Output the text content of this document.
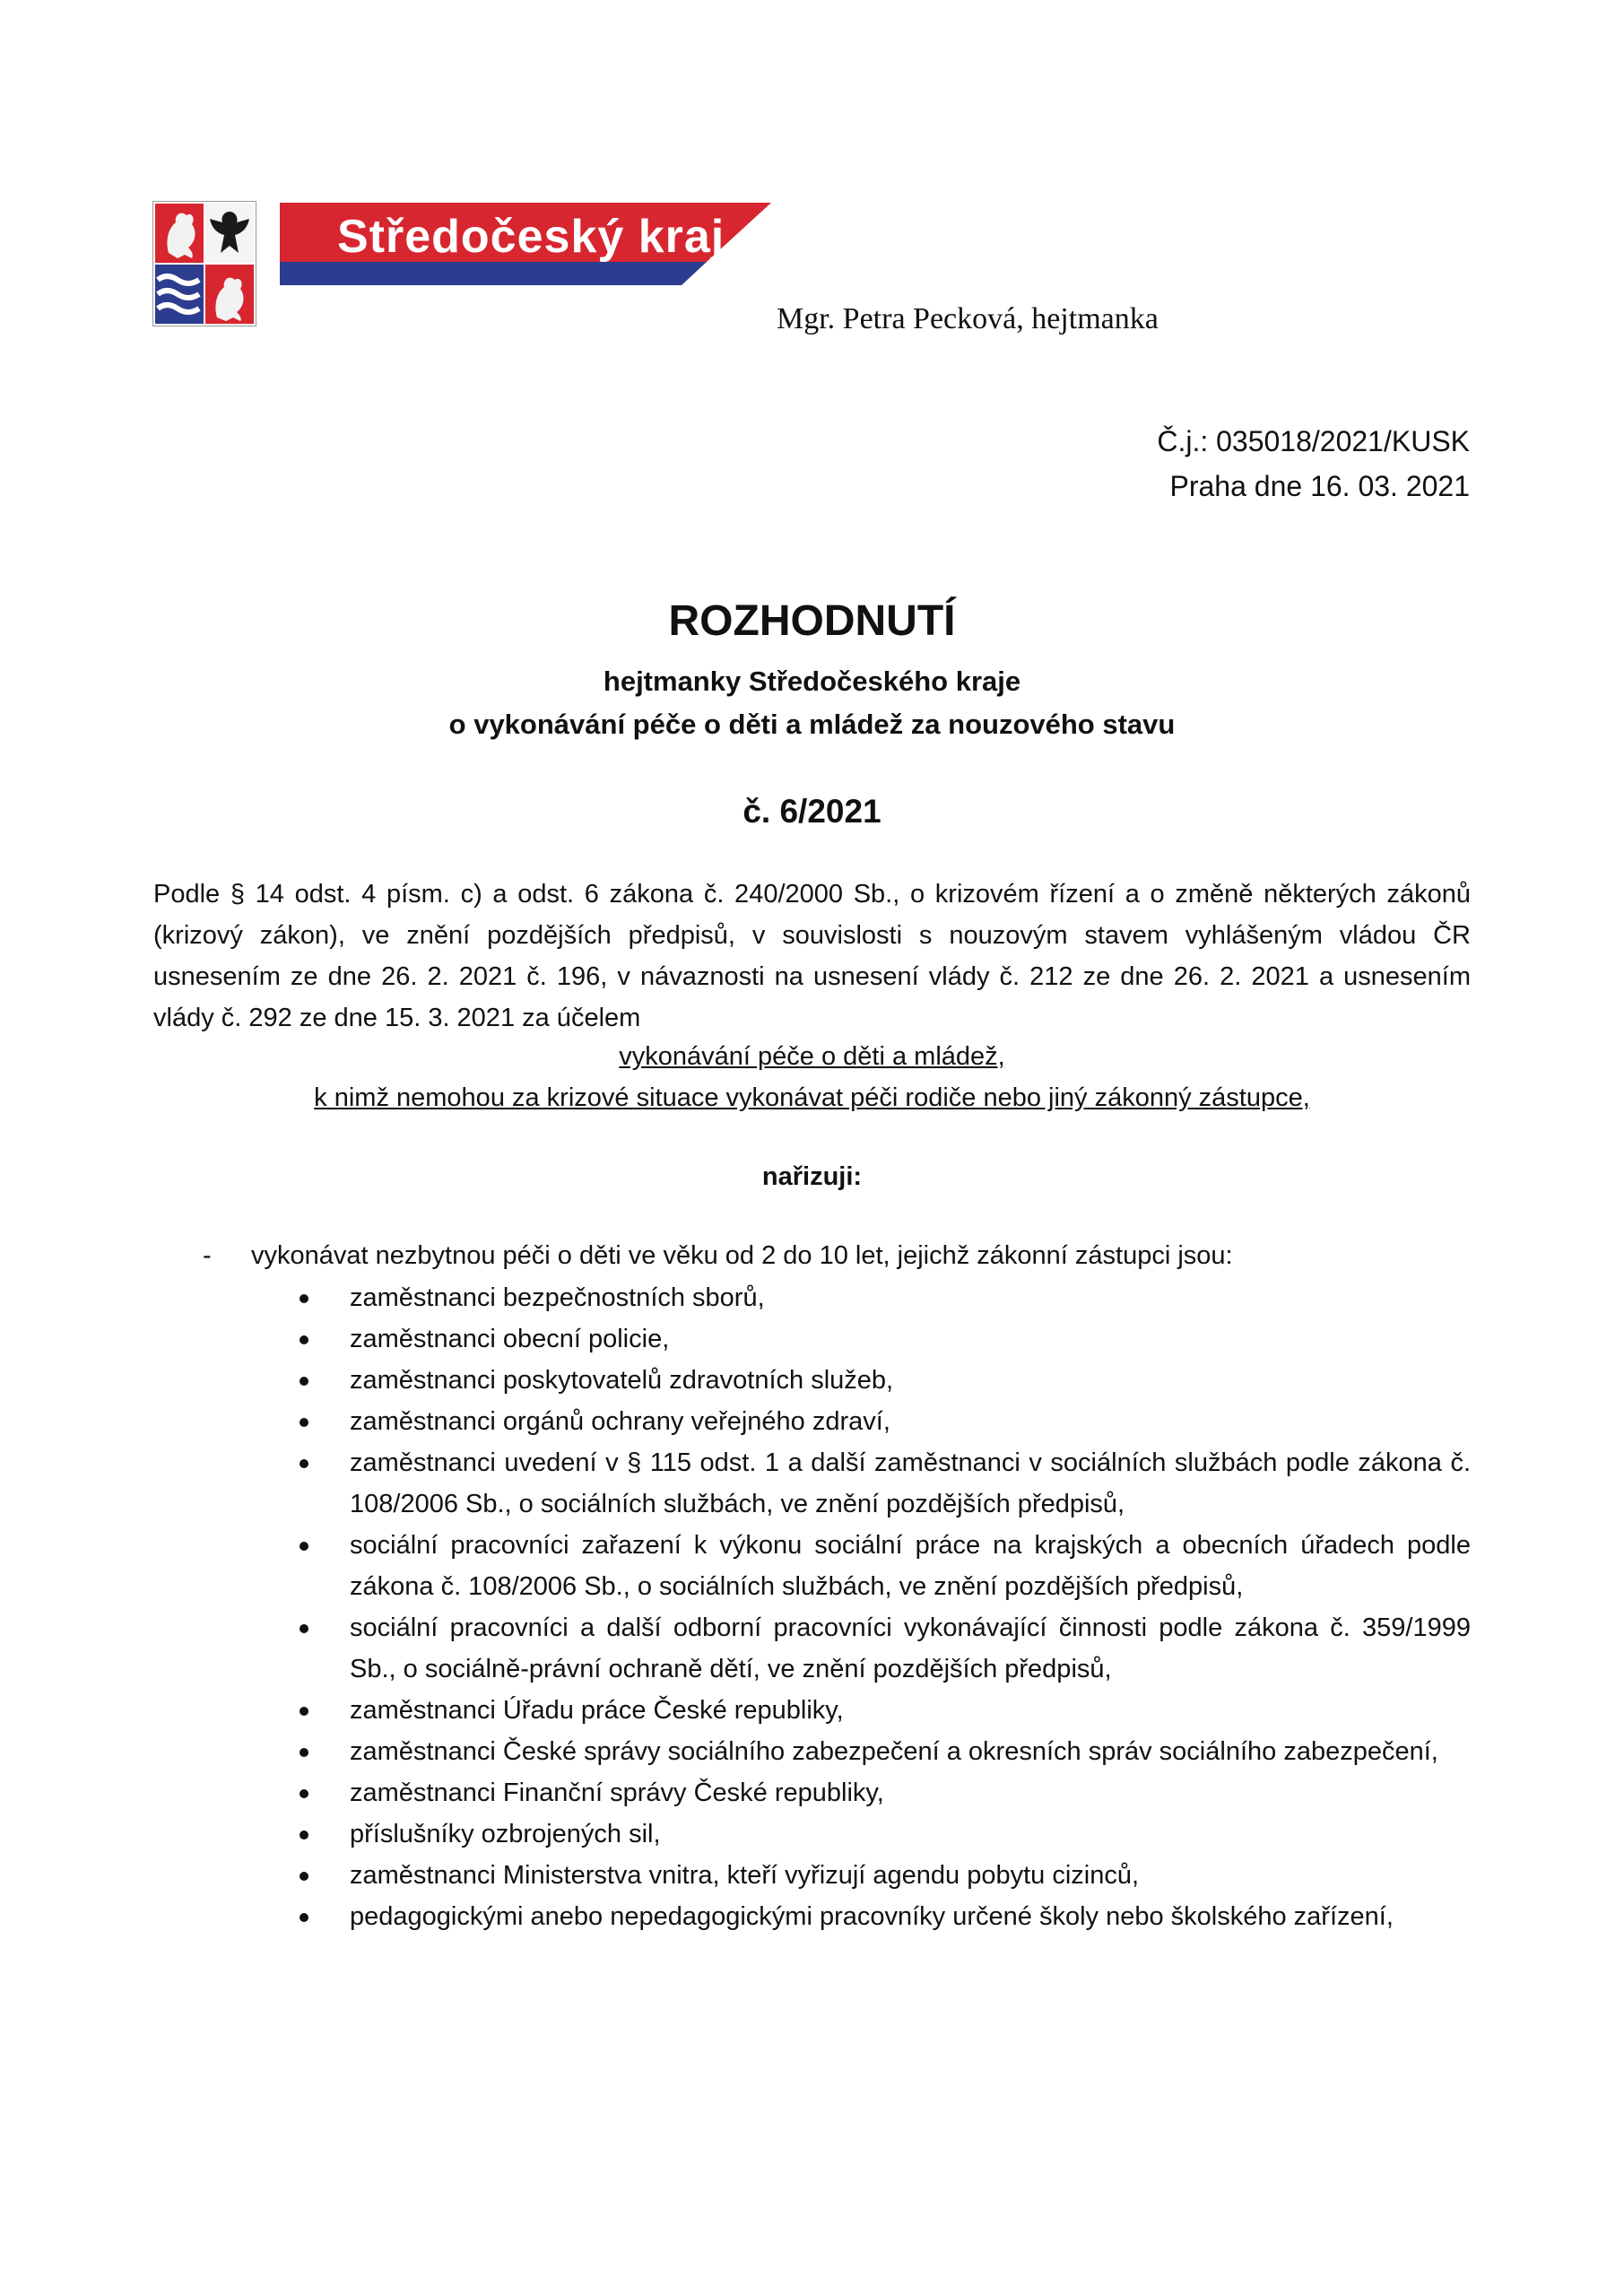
Středočeský kraj
Mgr. Petra Pecková, hejtmanka
Č.j.: 035018/2021/KUSK
Praha dne 16. 03. 2021
ROZHODNUTÍ
hejtmanky Středočeského kraje
o vykonávání péče o děti a mládež za nouzového stavu
č. 6/2021
Podle § 14 odst. 4 písm. c) a odst. 6 zákona č. 240/2000 Sb., o krizovém řízení a o změně některých zákonů (krizový zákon), ve znění pozdějších předpisů, v souvislosti s nouzovým stavem vyhlášeným vládou ČR usnesením ze dne 26. 2. 2021 č. 196, v návaznosti na usnesení vlády č. 212 ze dne 26. 2. 2021 a usnesením vlády č. 292 ze dne 15. 3. 2021 za účelem
vykonávání péče o děti a mládež,
k nimž nemohou za krizové situace vykonávat péči rodiče nebo jiný zákonný zástupce,
nařizuji:
- vykonávat nezbytnou péči o děti ve věku od 2 do 10 let, jejichž zákonní zástupci jsou:
zaměstnanci bezpečnostních sborů,
zaměstnanci obecní policie,
zaměstnanci poskytovatelů zdravotních služeb,
zaměstnanci orgánů ochrany veřejného zdraví,
zaměstnanci uvedení v § 115 odst. 1 a další zaměstnanci v sociálních službách podle zákona č. 108/2006 Sb., o sociálních službách, ve znění pozdějších předpisů,
sociální pracovníci zařazení k výkonu sociální práce na krajských a obecních úřadech podle zákona č. 108/2006 Sb., o sociálních službách, ve znění pozdějších předpisů,
sociální pracovníci a další odborní pracovníci vykonávající činnosti podle zákona č. 359/1999 Sb., o sociálně-právní ochraně dětí, ve znění pozdějších předpisů,
zaměstnanci Úřadu práce České republiky,
zaměstnanci České správy sociálního zabezpečení a okresních správ sociálního zabezpečení,
zaměstnanci Finanční správy České republiky,
příslušníky ozbrojených sil,
zaměstnanci Ministerstva vnitra, kteří vyřizují agendu pobytu cizinců,
pedagogickými anebo nepedagogickými pracovníky určené školy nebo školského zařízení,
